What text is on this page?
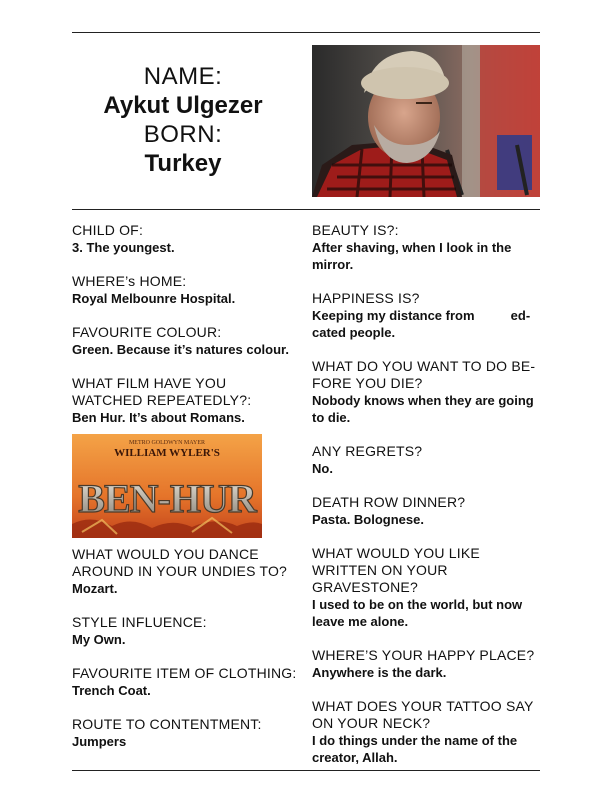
NAME:
Aykut Ulgezer
BORN:
Turkey
CHILD OF:
3. The youngest.
WHERE’s HOME:
Royal Melbounre Hospital.
FAVOURITE COLOUR:
Green. Because it’s natures colour.
WHAT FILM HAVE YOU WATCHED REPEATEDLY?:
Ben Hur. It’s about Romans.
METRO GOLDWYN MAYER
WILLIAM WYLER'S
BEN-HUR
WHAT WOULD YOU DANCE AROUND IN YOUR UNDIES TO?
Mozart.
STYLE INFLUENCE:
My Own.
FAVOURITE ITEM OF CLOTHING:
Trench Coat.
ROUTE TO CONTENTMENT:
Jumpers
BEAUTY IS?:
After shaving, when I look in the mirror.
HAPPINESS IS?
Keeping my distance from          ed-cated people.
WHAT DO YOU WANT TO DO BE-FORE YOU DIE?
Nobody knows when they are going to die.
ANY REGRETS?
No.
DEATH ROW DINNER?
Pasta. Bolognese.
WHAT WOULD YOU LIKE WRITTEN ON YOUR GRAVESTONE?
I used to be on the world, but now leave me alone.
WHERE’S YOUR HAPPY PLACE?
Anywhere is the dark.
WHAT DOES YOUR TATTOO SAY ON YOUR NECK?
I do things under the name of the creator, Allah.
